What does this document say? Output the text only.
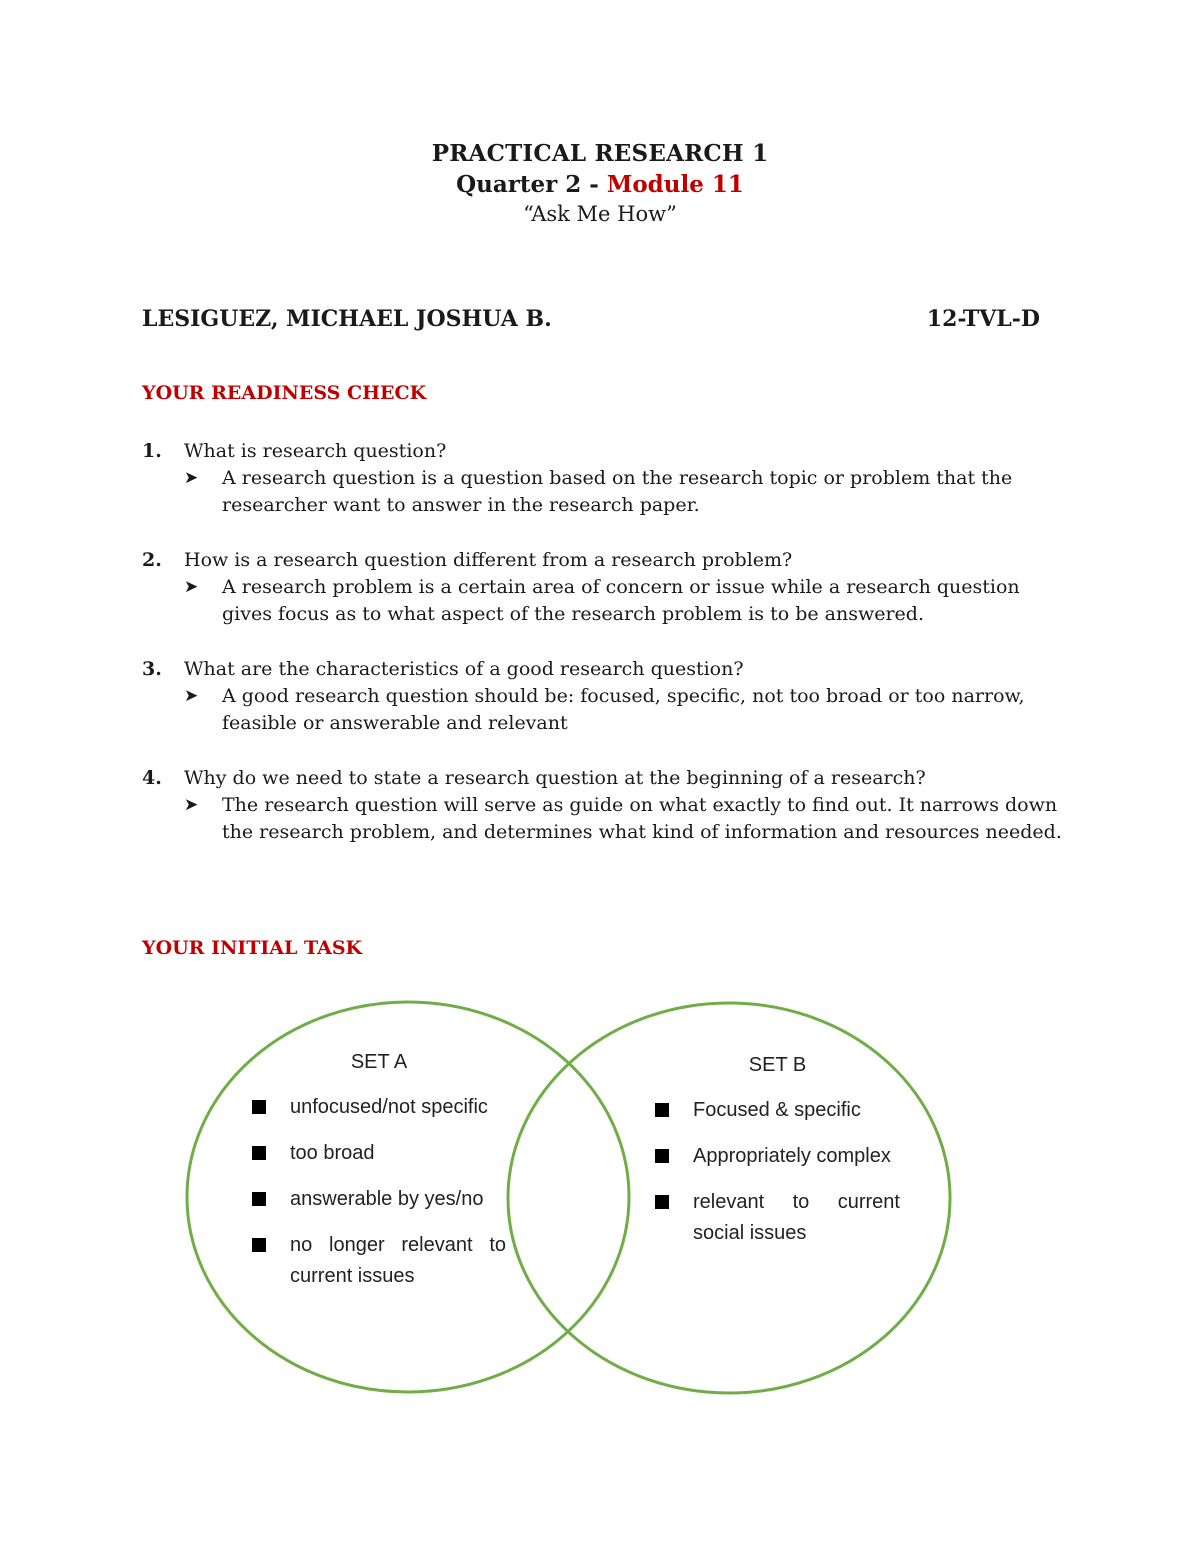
PRACTICAL RESEARCH 1
Quarter 2 - Module 11
“Ask Me How”
LESIGUEZ, MICHAEL JOSHUA B.	12-TVL-D
YOUR READINESS CHECK
1.	What is research question?
➤	A research question is a question based on the research topic or problem that the researcher want to answer in the research paper.
2.	How is a research question different from a research problem?
➤	A research problem is a certain area of concern or issue while a research question gives focus as to what aspect of the research problem is to be answered.
3.	What are the characteristics of a good research question?
➤	A good research question should be: focused, specific, not too broad or too narrow, feasible or answerable and relevant
4.	Why do we need to state a research question at the beginning of a research?
➤	The research question will serve as guide on what exactly to find out. It narrows down the research problem, and determines what kind of information and resources needed.
YOUR INITIAL TASK
SET A
unfocused/not specific
too broad
answerable by yes/no
no longer relevant to current issues
SET B
Focused & specific
Appropriately complex
relevant to current social issues
